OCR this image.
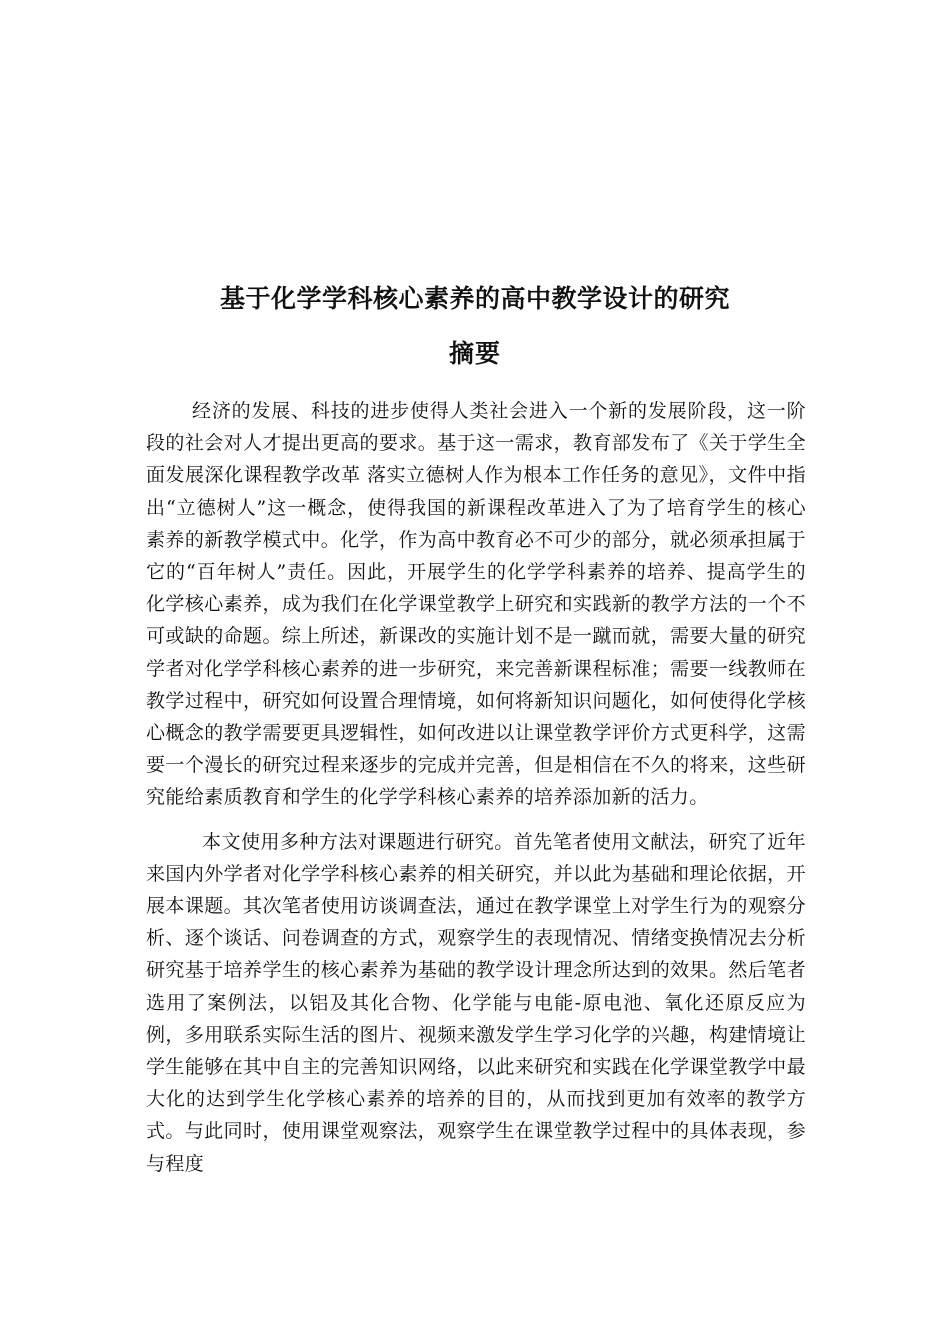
基于化学学科核心素养的高中教学设计的研究
摘要

经济的发展、科技的进步使得人类社会进入一个新的发展阶段，这一阶段的社会对人才提出更高的要求。基于这一需求，教育部发布了《关于学生全面发展深化课程教学改革 落实立德树人作为根本工作任务的意见》，文件中指出“立德树人”这一概念，使得我国的新课程改革进入了为了培育学生的核心素养的新教学模式中。化学，作为高中教育必不可少的部分，就必须承担属于它的“百年树人”责任。因此，开展学生的化学学科素养的培养、提高学生的化学核心素养，成为我们在化学课堂教学上研究和实践新的教学方法的一个不可或缺的命题。综上所述，新课改的实施计划不是一蹴而就，需要大量的研究学者对化学学科核心素养的进一步研究，来完善新课程标准；需要一线教师在教学过程中，研究如何设置合理情境，如何将新知识问题化，如何使得化学核心概念的教学需要更具逻辑性，如何改进以让课堂教学评价方式更科学，这需要一个漫长的研究过程来逐步的完成并完善，但是相信在不久的将来，这些研究能给素质教育和学生的化学学科核心素养的培养添加新的活力。

本文使用多种方法对课题进行研究。首先笔者使用文献法，研究了近年来国内外学者对化学学科核心素养的相关研究，并以此为基础和理论依据，开展本课题。其次笔者使用访谈调查法，通过在教学课堂上对学生行为的观察分析、逐个谈话、问卷调查的方式，观察学生的表现情况、情绪变换情况去分析研究基于培养学生的核心素养为基础的教学设计理念所达到的效果。然后笔者选用了案例法，以铝及其化合物、化学能与电能-原电池、氧化还原反应为例，多用联系实际生活的图片、视频来激发学生学习化学的兴趣，构建情境让学生能够在其中自主的完善知识网络，以此来研究和实践在化学课堂教学中最大化的达到学生化学核心素养的培养的目的，从而找到更加有效率的教学方式。与此同时，使用课堂观察法，观察学生在课堂教学过程中的具体表现，参与程度
